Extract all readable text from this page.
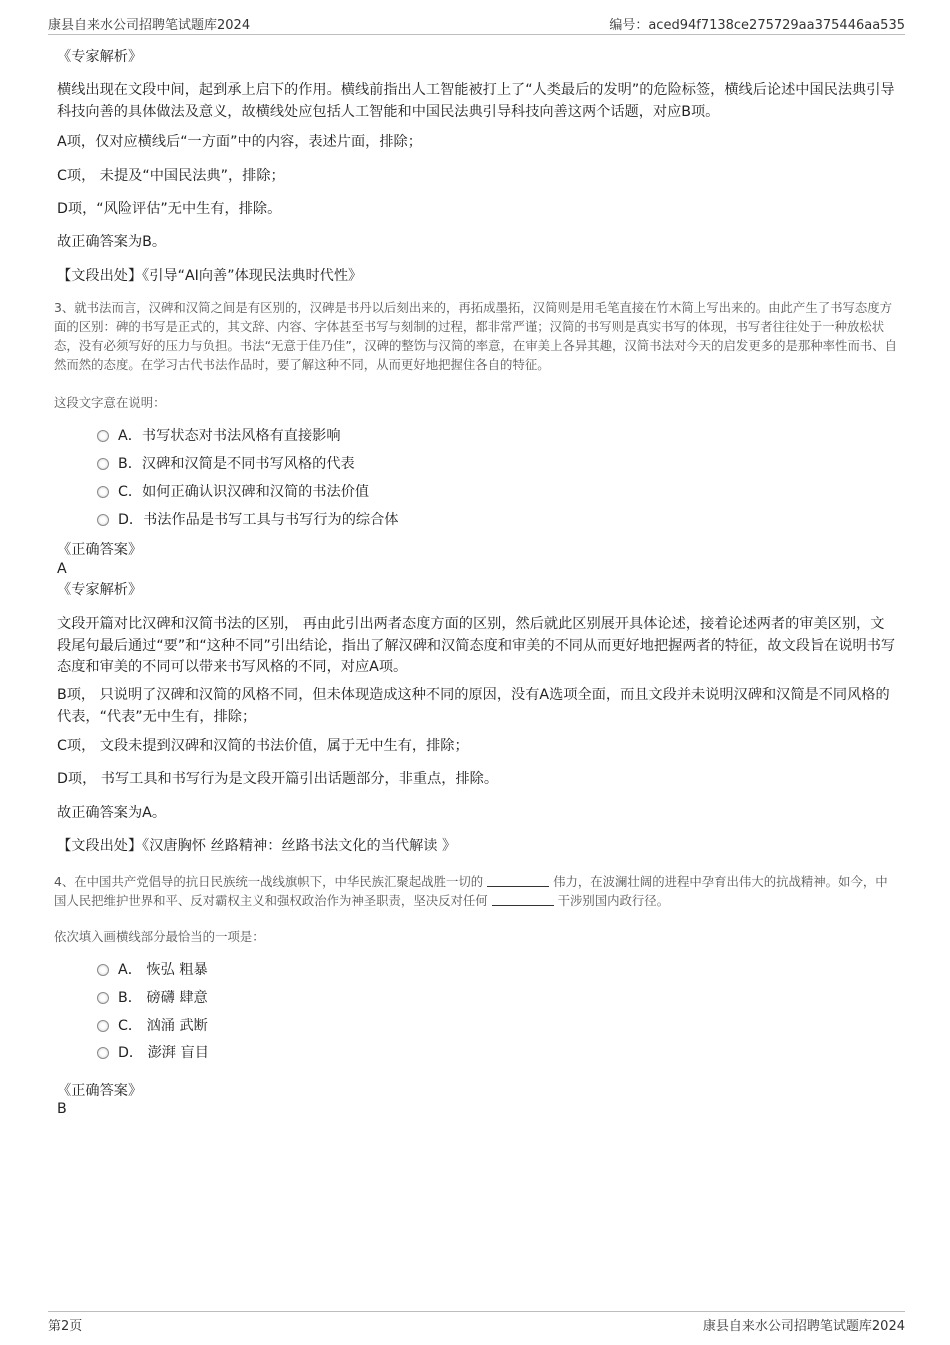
康县自来水公司招聘笔试题库2024	编号：aced94f7138ce275729aa375446aa535
《专家解析》
横线出现在文段中间，起到承上启下的作用。横线前指出人工智能被打上了“人类最后的发明”的危险标签，横线后论述中国民法典引导科技向善的具体做法及意义，故横线处应包括人工智能和中国民法典引导科技向善这两个话题，对应B项。
A项，仅对应横线后“一方面”中的内容，表述片面，排除；
C项， 未提及“中国民法典”，排除；
D项，“风险评估”无中生有，排除。
故正确答案为B。
【文段出处】《引导“AI向善”体现民法典时代性》
3、就书法而言，汉碑和汉简之间是有区别的，汉碑是书丹以后刻出来的，再拓成墨拓，汉简则是用毛笔直接在竹木简上写出来的。由此产生了书写态度方面的区别：碑的书写是正式的，其文辞、内容、字体甚至书写与刻制的过程，都非常严谨；汉简的书写则是真实书写的体现，书写者往往处于一种放松状态，没有必须写好的压力与负担。书法“无意于佳乃佳”，汉碑的整饬与汉简的率意，在审美上各异其趣，汉简书法对今天的启发更多的是那种率性而书、自然而然的态度。在学习古代书法作品时，要了解这种不同，从而更好地把握住各自的特征。
这段文字意在说明：
A．书写状态对书法风格有直接影响
B．汉碑和汉简是不同书写风格的代表
C．如何正确认识汉碑和汉简的书法价值
D．书法作品是书写工具与书写行为的综合体
《正确答案》
A
《专家解析》
文段开篇对比汉碑和汉简书法的区别， 再由此引出两者态度方面的区别，然后就此区别展开具体论述，接着论述两者的审美区别，文段尾句最后通过“要”和“这种不同”引出结论，指出了解汉碑和汉简态度和审美的不同从而更好地把握两者的特征，故文段旨在说明书写态度和审美的不同可以带来书写风格的不同，对应A项。
B项， 只说明了汉碑和汉简的风格不同，但未体现造成这种不同的原因，没有A选项全面，而且文段并未说明汉碑和汉简是不同风格的代表，“代表”无中生有，排除；
C项， 文段未提到汉碑和汉简的书法价值，属于无中生有，排除；
D项， 书写工具和书写行为是文段开篇引出话题部分，非重点，排除。
故正确答案为A。
【文段出处】《汉唐胸怀 丝路精神：丝路书法文化的当代解读 》
4、在中国共产党倡导的抗日民族统一战线旗帜下，中华民族汇聚起战胜一切的	伟力，在波澜壮阔的进程中孕育出伟大的抗战精神。如今，中国人民把维护世界和平、反对霸权主义和强权政治作为神圣职责，坚决反对任何	干涉别国内政行径。
依次填入画横线部分最恰当的一项是：
A． 恢弘 粗暴
B． 磅礴 肆意
C． 汹涌 武断
D． 澎湃 盲目
《正确答案》
B
第2页	康县自来水公司招聘笔试题库2024
